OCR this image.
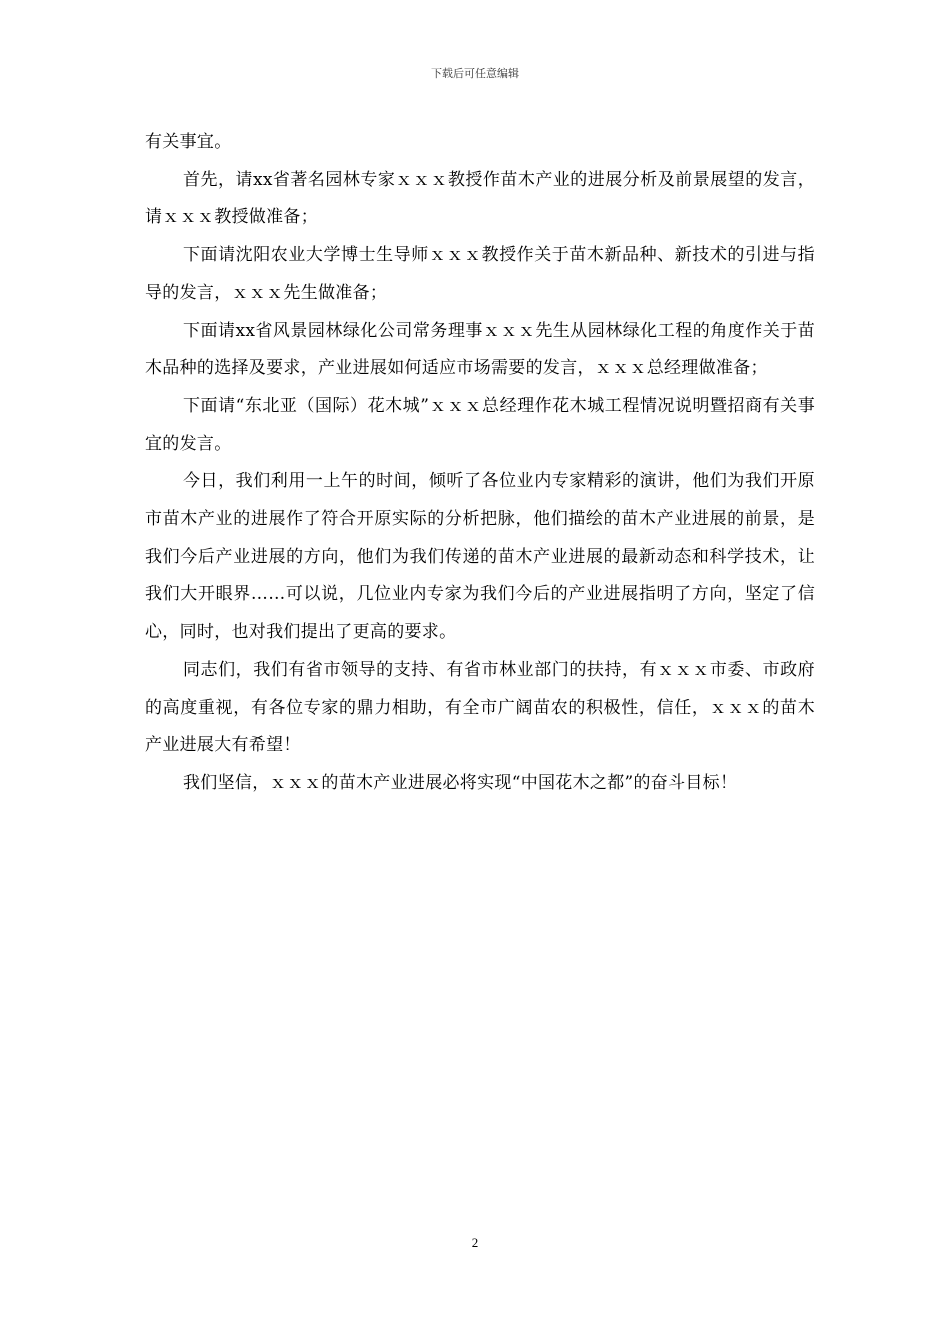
下载后可任意编辑

有关事宜。

首先，请xx省著名园林专家ｘｘｘ教授作苗木产业的进展分析及前景展望的发言，请ｘｘｘ教授做准备；

下面请沈阳农业大学博士生导师ｘｘｘ教授作关于苗木新品种、新技术的引进与指导的发言，ｘｘｘ先生做准备；

下面请xx省风景园林绿化公司常务理事ｘｘｘ先生从园林绿化工程的角度作关于苗木品种的选择及要求，产业进展如何适应市场需要的发言，ｘｘｘ总经理做准备；

下面请“东北亚（国际）花木城”ｘｘｘ总经理作花木城工程情况说明暨招商有关事宜的发言。

今日，我们利用一上午的时间，倾听了各位业内专家精彩的演讲，他们为我们开原市苗木产业的进展作了符合开原实际的分析把脉，他们描绘的苗木产业进展的前景，是我们今后产业进展的方向，他们为我们传递的苗木产业进展的最新动态和科学技术，让我们大开眼界……可以说，几位业内专家为我们今后的产业进展指明了方向，坚定了信心，同时，也对我们提出了更高的要求。

同志们，我们有省市领导的支持、有省市林业部门的扶持，有ｘｘｘ市委、市政府的高度重视，有各位专家的鼎力相助，有全市广阔苗农的积极性，信任，ｘｘｘ的苗木产业进展大有希望！

我们坚信，ｘｘｘ的苗木产业进展必将实现“中国花木之都”的奋斗目标！

2
